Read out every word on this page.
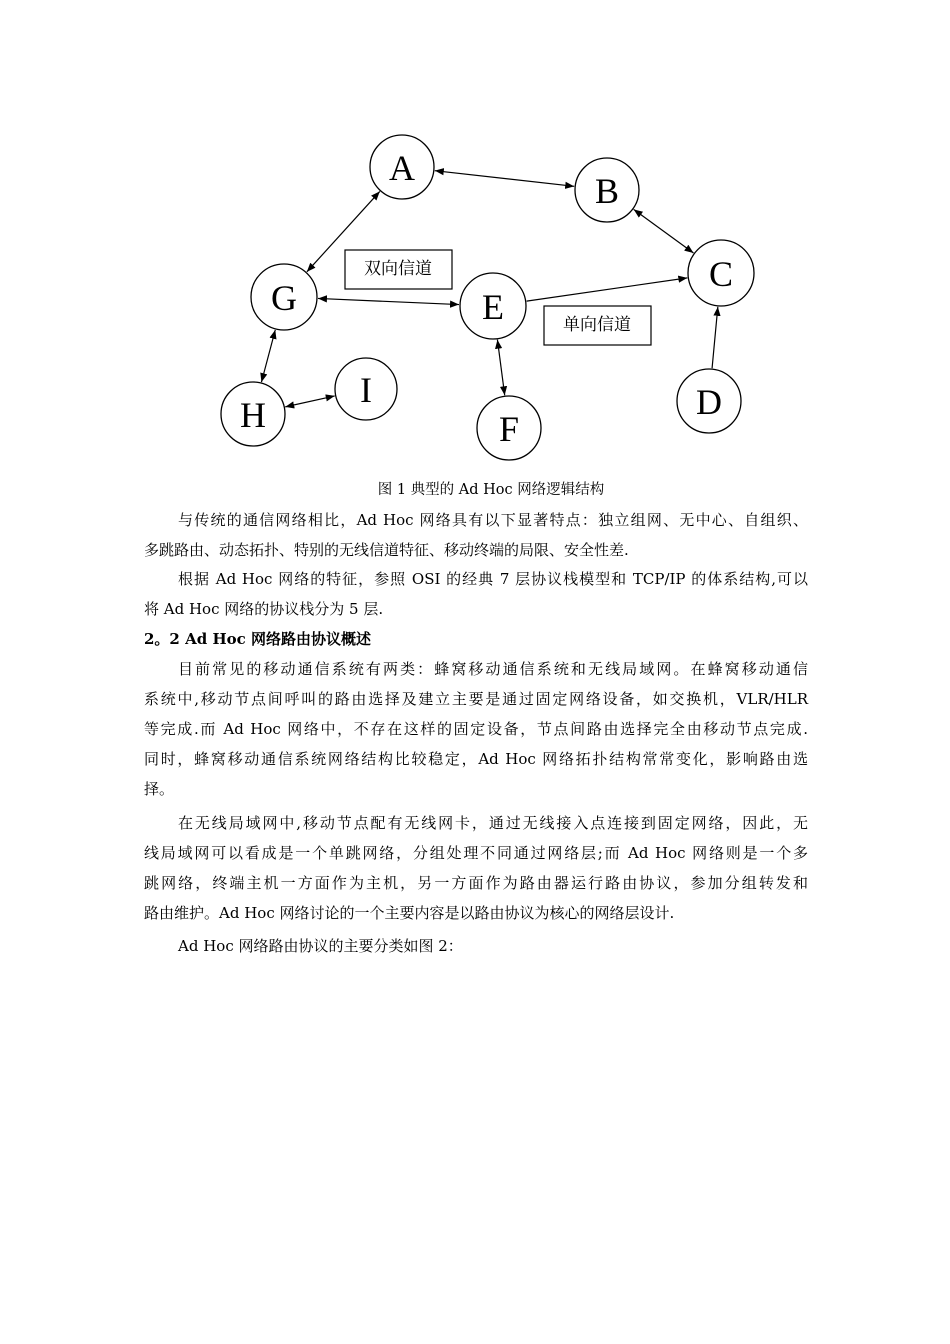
A
B
C
D
E
F
G
H
I
双向信道
单向信道
图 1 典型的 Ad Hoc 网络逻辑结构
与传统的通信网络相比，Ad Hoc 网络具有以下显著特点：独立组网、无中心、自组织、
多跳路由、动态拓扑、特别的无线信道特征、移动终端的局限、安全性差.
根据 Ad Hoc 网络的特征，参照 OSI 的经典 7 层协议栈模型和 TCP/IP 的体系结构,可以
将 Ad Hoc 网络的协议栈分为 5 层.
2。2 Ad Hoc 网络路由协议概述
目前常见的移动通信系统有两类：蜂窝移动通信系统和无线局域网。在蜂窝移动通信
系统中,移动节点间呼叫的路由选择及建立主要是通过固定网络设备，如交换机，VLR/HLR
等完成.而 Ad Hoc 网络中，不存在这样的固定设备，节点间路由选择完全由移动节点完成.
同时，蜂窝移动通信系统网络结构比较稳定，Ad Hoc 网络拓扑结构常常变化，影响路由选
择。
在无线局域网中,移动节点配有无线网卡，通过无线接入点连接到固定网络，因此，无
线局域网可以看成是一个单跳网络，分组处理不同通过网络层;而 Ad Hoc 网络则是一个多
跳网络，终端主机一方面作为主机，另一方面作为路由器运行路由协议，参加分组转发和
路由维护。Ad Hoc 网络讨论的一个主要内容是以路由协议为核心的网络层设计.
Ad Hoc 网络路由协议的主要分类如图 2：
